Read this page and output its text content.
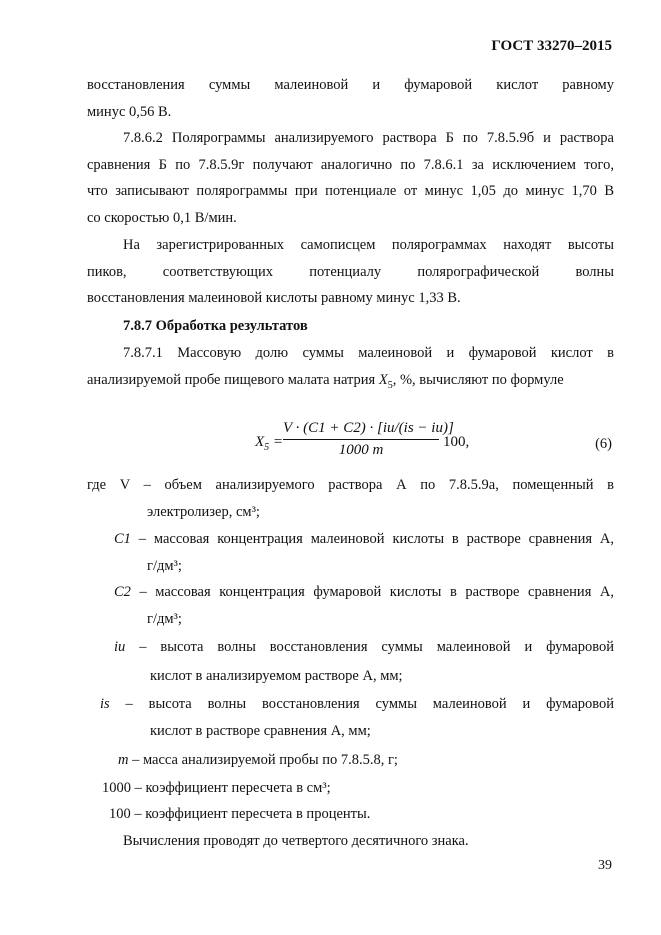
ГОСТ 33270–2015
восстановления суммы малеиновой и фумаровой кислот равному
минус 0,56 В.
7.8.6.2 Полярограммы анализируемого раствора Б по 7.8.5.9б и раствора
сравнения Б по 7.8.5.9г получают аналогично по 7.8.6.1 за исключением того,
что записывают полярограммы при потенциале от минус 1,05 до минус 1,70 В
со скоростью 0,1 В/мин.
На зарегистрированных самописцем полярограммах находят высоты
пиков, соответствующих потенциалу полярографической волны
восстановления малеиновой кислоты равному минус 1,33 В.
7.8.7 Обработка результатов
7.8.7.1 Массовую долю суммы малеиновой и фумаровой кислот в
анализируемой пробе пищевого малата натрия $X_5$, %, вычисляют по формуле
$X_5 = \frac{V \cdot (C1 + C2) \cdot [iu/(is - iu)]}{1000 m} 100$,	(6)
где V – объем анализируемого раствора А по 7.8.5.9а, помещенный в
электролизер, см³;
C1 – массовая концентрация малеиновой кислоты в растворе сравнения А,
г/дм³;
C2 – массовая концентрация фумаровой кислоты в растворе сравнения А,
г/дм³;
iu – высота волны восстановления суммы малеиновой и фумаровой
кислот в анализируемом растворе А, мм;
is – высота волны восстановления суммы малеиновой и фумаровой
кислот в растворе сравнения А, мм;
m – масса анализируемой пробы по 7.8.5.8, г;
1000 – коэффициент пересчета в см³;
100 – коэффициент пересчета в проценты.
Вычисления проводят до четвертого десятичного знака.
39
